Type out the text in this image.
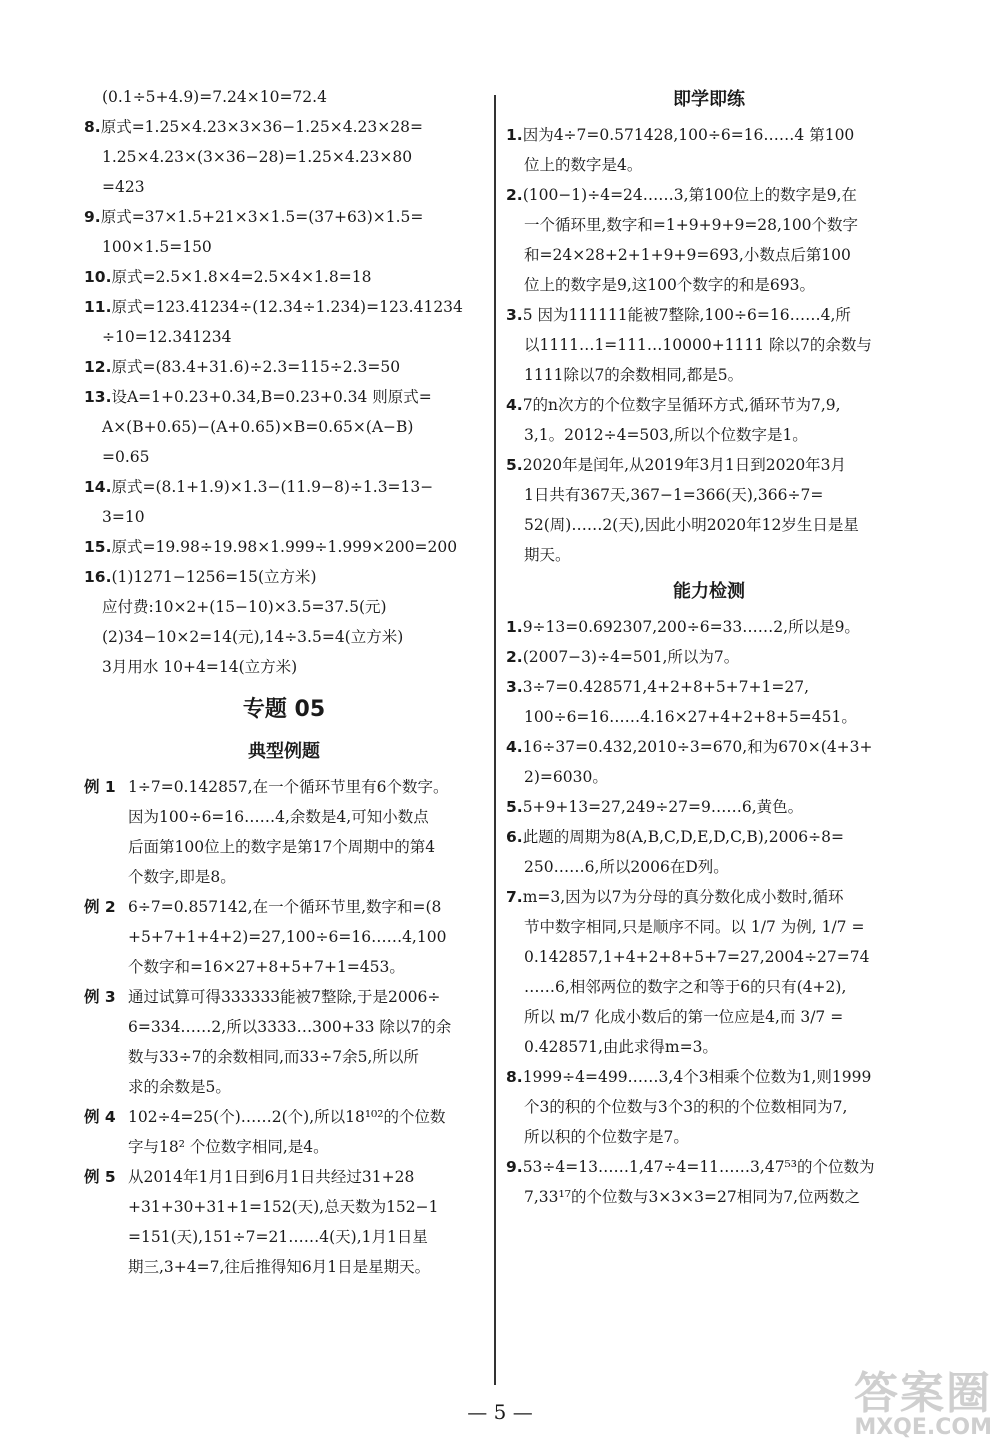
(0.1÷5+4.9)=7.24×10=72.4
8.原式=1.25×4.23×3×36−1.25×4.23×28=
1.25×4.23×(3×36−28)=1.25×4.23×80
=423
9.原式=37×1.5+21×3×1.5=(37+63)×1.5=
100×1.5=150
10.原式=2.5×1.8×4=2.5×4×1.8=18
11.原式=123.41234÷(12.34÷1.234)=123.41234
÷10=12.341234
12.原式=(83.4+31.6)÷2.3=115÷2.3=50
13.设A=1+0.23+0.34,B=0.23+0.34 则原式=
A×(B+0.65)−(A+0.65)×B=0.65×(A−B)
=0.65
14.原式=(8.1+1.9)×1.3−(11.9−8)÷1.3=13−
3=10
15.原式=19.98÷19.98×1.999÷1.999×200=200
16.(1)1271−1256=15(立方米)
应付费:10×2+(15−10)×3.5=37.5(元)
(2)34−10×2=14(元),14÷3.5=4(立方米)
3月用水 10+4=14(立方米)
专题 05
典型例题
例 1 1÷7=0.142857,在一个循环节里有6个数字。
因为100÷6=16……4,余数是4,可知小数点
后面第100位上的数字是第17个周期中的第4
个数字,即是8。
例 2 6÷7=0.857142,在一个循环节里,数字和=(8
+5+7+1+4+2)=27,100÷6=16……4,100
个数字和=16×27+8+5+7+1=453。
例 3 通过试算可得333333能被7整除,于是2006÷
6=334……2,所以3333…300+33 除以7的余
数与33÷7的余数相同,而33÷7余5,所以所
求的余数是5。
例 4 102÷4=25(个)……2(个),所以18¹⁰²的个位数
字与18² 个位数字相同,是4。
例 5 从2014年1月1日到6月1日共经过31+28
+31+30+31+1=152(天),总天数为152−1
=151(天),151÷7=21……4(天),1月1日星
期三,3+4=7,往后推得知6月1日是星期天。
即学即练
1.因为4÷7=0.571428,100÷6=16……4 第100
位上的数字是4。
2.(100−1)÷4=24……3,第100位上的数字是9,在
一个循环里,数字和=1+9+9+9=28,100个数字
和=24×28+2+1+9+9=693,小数点后第100
位上的数字是9,这100个数字的和是693。
3.5 因为111111能被7整除,100÷6=16……4,所
以1111…1=111…10000+1111 除以7的余数与
1111除以7的余数相同,都是5。
4.7的n次方的个位数字呈循环方式,循环节为7,9,
3,1。2012÷4=503,所以个位数字是1。
5.2020年是闰年,从2019年3月1日到2020年3月
1日共有367天,367−1=366(天),366÷7=
52(周)……2(天),因此小明2020年12岁生日是星
期天。
能力检测
1.9÷13=0.692307,200÷6=33……2,所以是9。
2.(2007−3)÷4=501,所以为7。
3.3÷7=0.428571,4+2+8+5+7+1=27,
100÷6=16……4.16×27+4+2+8+5=451。
4.16÷37=0.432,2010÷3=670,和为670×(4+3+
2)=6030。
5.5+9+13=27,249÷27=9……6,黄色。
6.此题的周期为8(A,B,C,D,E,D,C,B),2006÷8=
250……6,所以2006在D列。
7.m=3,因为以7为分母的真分数化成小数时,循环
节中数字相同,只是顺序不同。以 1/7 为例, 1/7 =
0.142857,1+4+2+8+5+7=27,2004÷27=74
……6,相邻两位的数字之和等于6的只有(4+2),
所以 m/7 化成小数后的第一位应是4,而 3/7 =
0.428571,由此求得m=3。
8.1999÷4=499……3,4个3相乘个位数为1,则1999
个3的积的个位数与3个3的积的个位数相同为7,
所以积的个位数字是7。
9.53÷4=13……1,47÷4=11……3,47⁵³的个位数为
7,33¹⁷的个位数与3×3×3=27相同为7,位两数之
— 5 —	答案圈
MXQE.COM
